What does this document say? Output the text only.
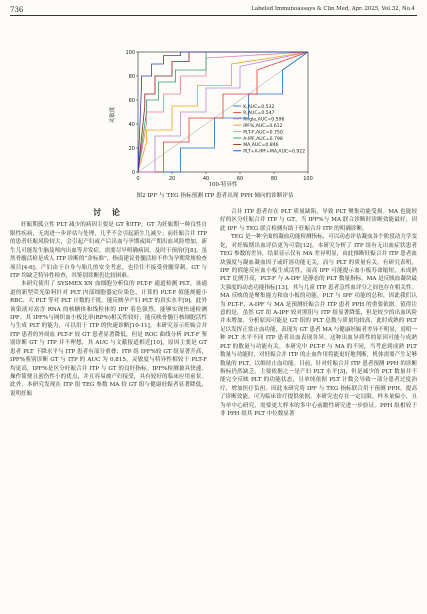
736	Labeled Immunoassays & Clin Med, Apr. 2025, Vol.32, No.4
0	20	40	60	80	100
0
20
40
60
80
100
K,AUC=0.532
R,AUC=0.547
Angle,AUC=0.596
IPF%,AUC=0.612
PLT-F,AUC=0.750
A-IPF,AUC=0.798
MA,AUC=0.846
PLT+A-IPF+MA,AUC=0.922
灵敏度
100-特异性
图2 IPF 与 TEG 指标预测 ITP 患者出现 PPH 倾向的诊断评估
讨 论

妊娠期孤立性 PLT 减少的病因主要是 GT 和ITP。GT 为妊娠期一种良性自限性疾病，无需进一步评估与处理，几乎不会引起新生儿减少；而妊娠合并 ITP 的患者妊娠风险较大，会引起产妇或产后出血与孕期或围产期出血风险增加，新生儿可能发生脑及颅内出血等并发症，需要尽早明确病因，及时干预治疗[8]。虽然骨髓活检是成人 ITP 诊断的“金标准”，指南建议骨髓活检不作为孕期常规检查项目[4-6]。产妇由于自身与胎儿的安全考虑，也往往不接受骨髓穿刺。GT 与 ITP 均缺乏特异性检查，其鉴别诊断仍比较困难。

本研究使用了 SYSMEX XN 血细胞分析仪的 PLT-F 通道检测 PLT，该通道的新型荧光染料针对 PLT 内部细胞器定位染色，计算的 PLT-F 值能规避小 RBC、大 PLT 等对 PLT 计数的干扰，能反映孕产妇 PLT 的真实水平[9]。此外该染液对富含 RNA 的核糖体和线粒体的 IPF 着色强烈，能够实现快速检测 IPF。其 IPF%与网织血小板比率(RP%)相关性较好，能反映骨髓巨核细胞活性与生成 PLT 的能力，可以用于 ITP 的快速诊断[10-11]。本研究显示妊娠合并 ITP 患者的外周血 PLT-F 较 GT 患者显著降低，但是 ROC 曲线分析 PLT-F 鉴别诊断 GT 与 ITP 并不理想，其 AUC 与文献报道相近[10]，原因主要是 GT 患者 PLT 下降水平与 ITP 患者有部分重叠；ITP 组 IPF%较 GT 组显著升高，IPF%鉴别诊断 GT 与 ITP 的 AUC 为 0.815，灵敏度与特异性相较于 PLT-F 均更高，IPF%是区分妊娠合并 ITP 与 GT 的良好指标。IPF%检测兼具快速、操作简便且创伤性小的优点，并且容易被产妇接受，具有较好的临床应用前景。此外，本研究发现在 ITP 组 TEG 参数 MA 较 GT 组与健康妊娠者显著降低，说明妊娠

合并 ITP 患者存在 PLT 质量缺陷，导致 PLT 聚集功能受损。MA 也能较好的区分妊娠合并 ITP 与 GT，当 IPF%与 MA 联合诊断时诊断效能最好，因此 IPF 与 TEG 联合检测有助于妊娠合并 ITP 的明确诊断。

TEG 是一种全面的凝血功能检测指标，可以动态评估凝血各个阶段动力学变化，对妊娠期出血评估更为可靠[12]。本研究分析了 ITP 组有无出血症状患者 TEG 参数的差异，结果显示仅有 MA 差异明显，由此推断妊娠合并 ITP 患者血块强度与凝血凝血因子或纤溶功能无关，而与 PLT 的质量有关。有研究表明，IPF 的值能反应血小板生成活性，而高 IPF 可能提示血小板寿命缩短，未成熟 PLT 比例升高，PLT-F 与 A-IPF 是静态的 PLT 数量指标，MA 是反映血凝块最大强度的动态功能指标[13]，其与儿童 ITP 患者急性血评分之间也存在相关性。MA 反映的是聚集能力和血小板的功能，PLT 与 IPF 功能的总和，因此我们认为 PLT-F、A-IPF 与 MA 是预测妊娠合并 ITP 患者 PPH 的重要依据。值得注意的是，虽然 GT 组 A-IPF 较对照组与 ITP 组显著降低，但是较少的出血风险并未增加，分析原因可能是 GT 组的 PLT 总数与质量均较高，此时成熟的 PLT 足以发挥正常止血功能，表现为 GT 患者 MA 与健康妊娠者差异不明显，说明一种 PLT 水平不同 ITP 患者出血表现各异，这种出血异质性的原因可能与成熟 PLT 的数量与功能有关。本研究中 PLT-F 与 MA 的不同，当考虑到成熟 PLT 数量与功能时，对妊娠合并 ITP 的止血作用将能更好地判断，机体需要产生足够数量的 PLT，以维持止血功能。目前，针对妊娠合并 ITP 患者预测 PPH 的诊断指标仍然缺乏，主要依据之一是产妇 PLT 水平[3]，但是减少的 PLT 数量并不能完全反映 PLT 的功能状态，且单纯依据 PLT 计数会导致一部分患者过度治疗，增加医疗负担。因此本研究将 IPF 与 TEG 指标联合用于预测 PPH，提高了诊断效能，可为临床诊疗提供依据。本研究也存在一定局限，样本量偏小，且为单中心研究，需要更大样本的多中心前瞻性研究进一步验证。PPH 组相较于非 PPH 组其 PLT 中位数显著
